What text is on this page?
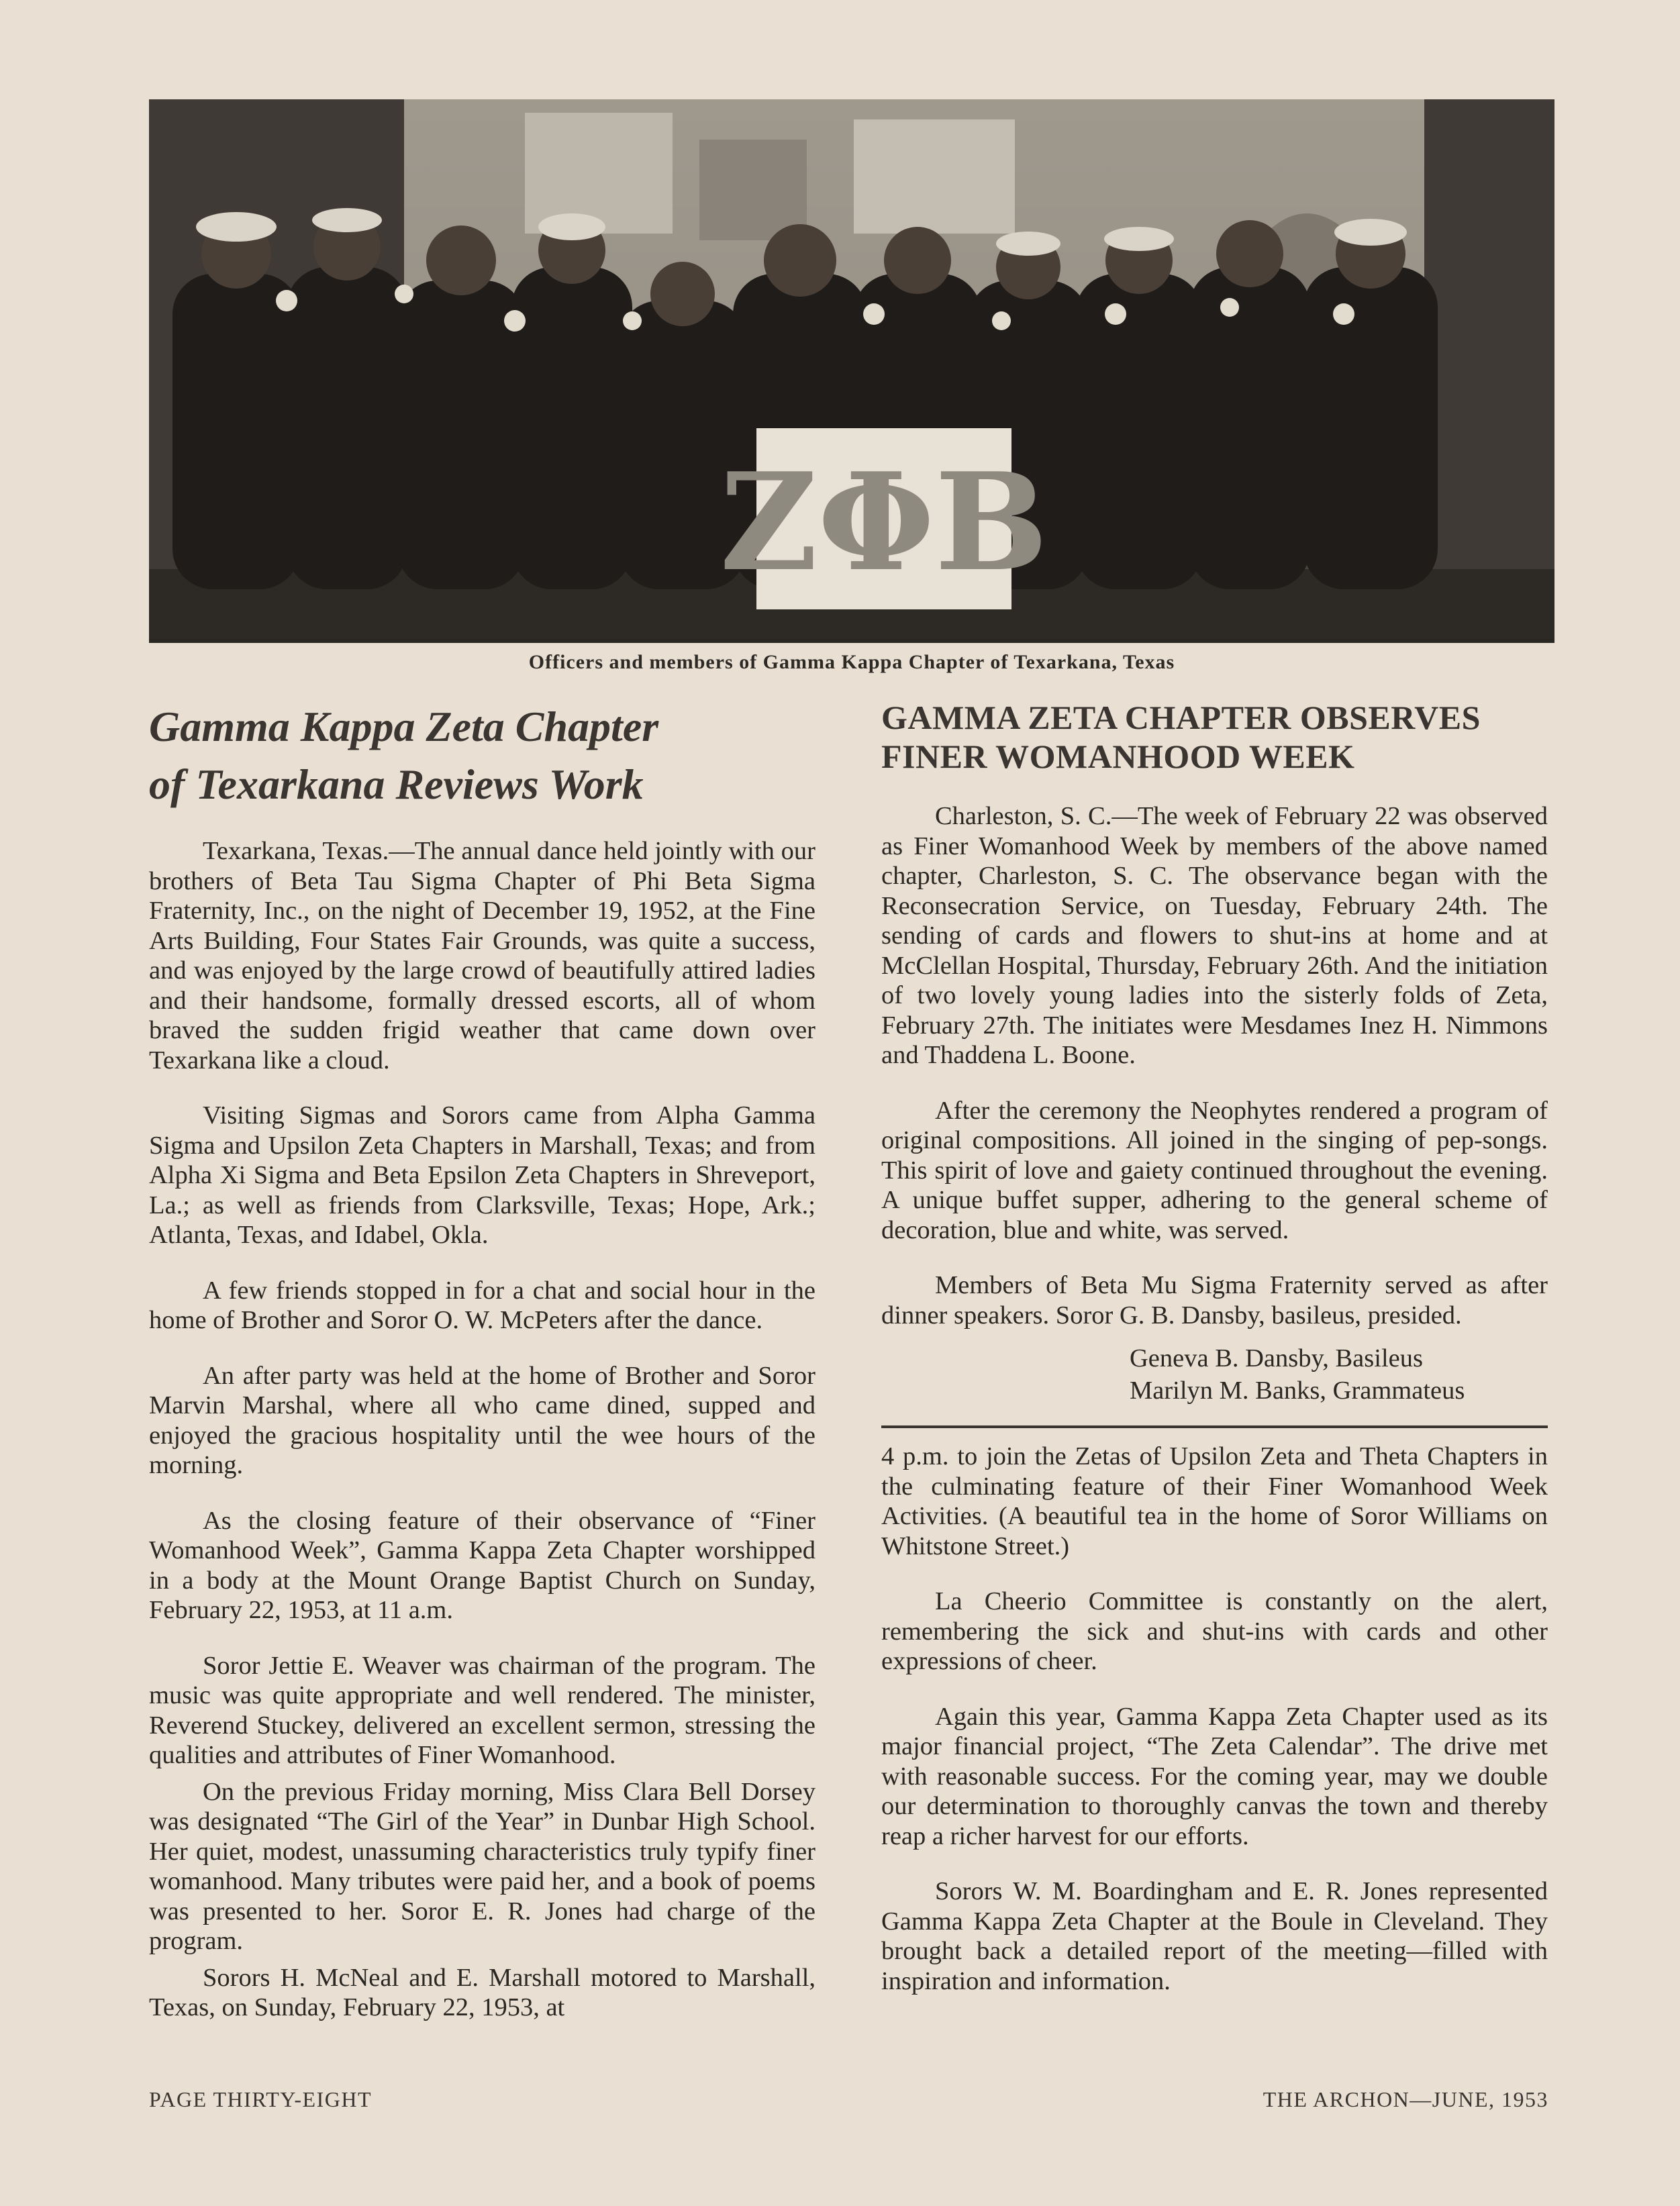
ΖΦΒ
Officers and members of Gamma Kappa Chapter of Texarkana, Texas
Gamma Kappa Zeta Chapter
of Texarkana Reviews Work

Texarkana, Texas.—The annual dance held jointly with our brothers of Beta Tau Sigma Chapter of Phi Beta Sigma Fraternity, Inc., on the night of December 19, 1952, at the Fine Arts Building, Four States Fair Grounds, was quite a success, and was enjoyed by the large crowd of beautifully attired ladies and their handsome, formally dressed escorts, all of whom braved the sudden frigid weather that came down over Texarkana like a cloud.

Visiting Sigmas and Sorors came from Alpha Gamma Sigma and Upsilon Zeta Chapters in Marshall, Texas; and from Alpha Xi Sigma and Beta Epsilon Zeta Chapters in Shreveport, La.; as well as friends from Clarksville, Texas; Hope, Ark.; Atlanta, Texas, and Idabel, Okla.

A few friends stopped in for a chat and social hour in the home of Brother and Soror O. W. McPeters after the dance.

An after party was held at the home of Brother and Soror Marvin Marshal, where all who came dined, supped and enjoyed the gracious hospitality until the wee hours of the morning.

As the closing feature of their observance of “Finer Womanhood Week”, Gamma Kappa Zeta Chapter worshipped in a body at the Mount Orange Baptist Church on Sunday, February 22, 1953, at 11 a.m.

Soror Jettie E. Weaver was chairman of the program. The music was quite appropriate and well rendered. The minister, Reverend Stuckey, delivered an excellent sermon, stressing the qualities and attributes of Finer Womanhood.

On the previous Friday morning, Miss Clara Bell Dorsey was designated “The Girl of the Year” in Dunbar High School. Her quiet, modest, unassuming characteristics truly typify finer womanhood. Many tributes were paid her, and a book of poems was presented to her. Soror E. R. Jones had charge of the program.

Sorors H. McNeal and E. Marshall motored to Marshall, Texas, on Sunday, February 22, 1953, at

GAMMA ZETA CHAPTER OBSERVES
FINER WOMANHOOD WEEK

Charleston, S. C.—The week of February 22 was observed as Finer Womanhood Week by members of the above named chapter, Charleston, S. C. The observance began with the Reconsecration Service, on Tuesday, February 24th. The sending of cards and flowers to shut-ins at home and at McClellan Hospital, Thursday, February 26th. And the initiation of two lovely young ladies into the sisterly folds of Zeta, February 27th. The initiates were Mesdames Inez H. Nimmons and Thaddena L. Boone.

After the ceremony the Neophytes rendered a program of original compositions. All joined in the singing of pep-songs. This spirit of love and gaiety continued throughout the evening. A unique buffet supper, adhering to the general scheme of decoration, blue and white, was served.

Members of Beta Mu Sigma Fraternity served as after dinner speakers. Soror G. B. Dansby, basileus, presided.

Geneva B. Dansby, Basileus
Marilyn M. Banks, Grammateus

4 p.m. to join the Zetas of Upsilon Zeta and Theta Chapters in the culminating feature of their Finer Womanhood Week Activities. (A beautiful tea in the home of Soror Williams on Whitstone Street.)

La Cheerio Committee is constantly on the alert, remembering the sick and shut-ins with cards and other expressions of cheer.

Again this year, Gamma Kappa Zeta Chapter used as its major financial project, “The Zeta Calendar”. The drive met with reasonable success. For the coming year, may we double our determination to thoroughly canvas the town and thereby reap a richer harvest for our efforts.

Sorors W. M. Boardingham and E. R. Jones represented Gamma Kappa Zeta Chapter at the Boule in Cleveland. They brought back a detailed report of the meeting—filled with inspiration and information.

PAGE THIRTY-EIGHT	THE ARCHON—JUNE, 1953
